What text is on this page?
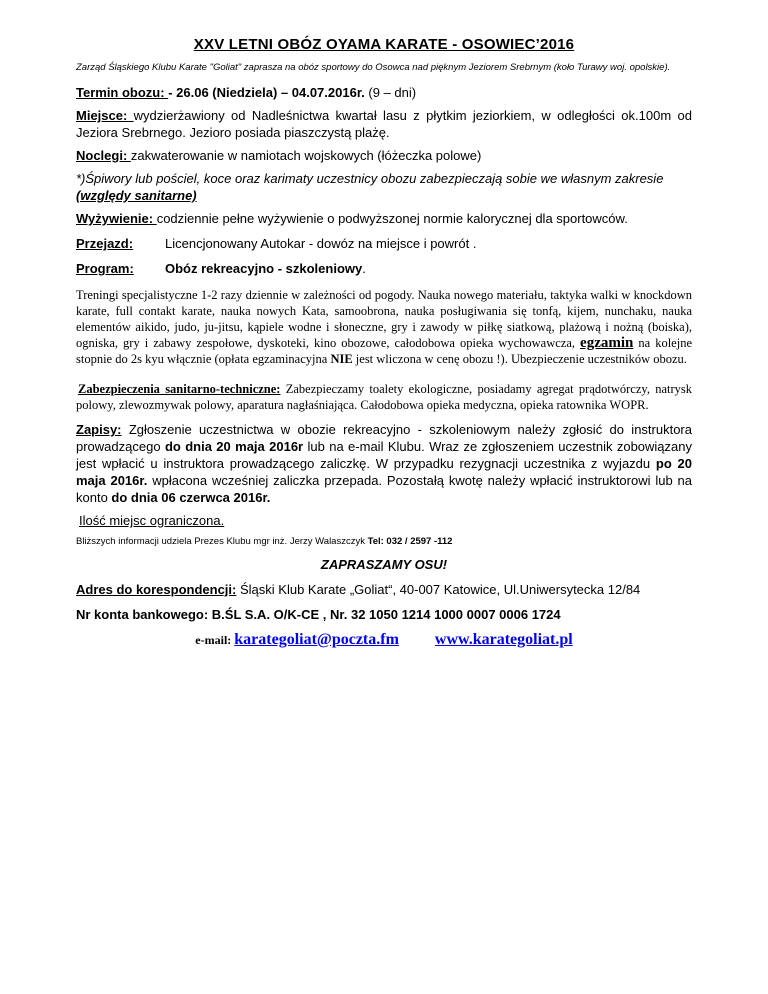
XXV LETNI OBÓZ OYAMA KARATE - OSOWIEC’2016

Zarząd Śląskiego Klubu Karate "Goliat" zaprasza na obóz sportowy do Osowca nad pięknym Jeziorem Srebrnym (koło Turawy woj. opolskie).

Termin obozu: - 26.06 (Niedziela) – 04.07.2016r. (9 – dni)

Miejsce: wydzierżawiony od Nadleśnictwa kwartał lasu z płytkim jeziorkiem, w odległości ok.100m od Jeziora Srebrnego. Jezioro posiada piaszczystą plażę.

Noclegi: zakwaterowanie w namiotach wojskowych (łóżeczka polowe)

*)Śpiwory lub pościel, koce oraz karimaty uczestnicy obozu zabezpieczają sobie we własnym zakresie (względy sanitarne)

Wyżywienie: codziennie pełne wyżywienie o podwyższonej normie kalorycznej dla sportowców.

Przejazd:	Licencjonowany Autokar - dowóz na miejsce i powrót .
Program:	Obóz rekreacyjno - szkoleniowy.

Treningi specjalistyczne 1-2 razy dziennie w zależności od pogody. Nauka nowego materiału, taktyka walki w knockdown karate, full contakt karate, nauka nowych Kata, samoobrona, nauka posługiwania się tonfą, kijem, nunchaku, nauka elementów aikido, judo, ju-jitsu, kąpiele wodne i słoneczne, gry i zawody w piłkę siatkową, plażową i nożną (boiska), ogniska, gry i zabawy zespołowe, dyskoteki, kino obozowe, całodobowa opieka wychowawcza, egzamin na kolejne stopnie do 2s kyu włącznie (opłata egzaminacyjna NIE jest wliczona w cenę obozu !). Ubezpieczenie uczestników obozu.

Zabezpieczenia sanitarno-techniczne: Zabezpieczamy toalety ekologiczne, posiadamy agregat prądotwórczy, natrysk polowy, zlewozmywak polowy, aparatura nagłaśniająca. Całodobowa opieka medyczna, opieka ratownika WOPR.

Zapisy: Zgłoszenie uczestnictwa w obozie rekreacyjno - szkoleniowym należy zgłosić do instruktora prowadzącego do dnia 20 maja 2016r lub na e-mail Klubu. Wraz ze zgłoszeniem uczestnik zobowiązany jest wpłacić u instruktora prowadzącego zaliczkę. W przypadku rezygnacji uczestnika z wyjazdu po 20 maja 2016r. wpłacona wcześniej zaliczka przepada. Pozostałą kwotę należy wpłacić instruktorowi lub na konto do dnia 06 czerwca 2016r.

Ilość miejsc ograniczona.

Bliższych informacji udziela Prezes Klubu mgr inż. Jerzy Walaszczyk Tel: 032 / 2597 -112

ZAPRASZAMY OSU!

Adres do korespondencji: Śląski Klub Karate „Goliat“, 40-007 Katowice, Ul.Uniwersytecka 12/84

Nr konta bankowego: B.ŚL S.A. O/K-CE , Nr. 32 1050 1214 1000 0007 0006 1724

e-mail: karategoliat@poczta.fm www.karategoliat.pl
